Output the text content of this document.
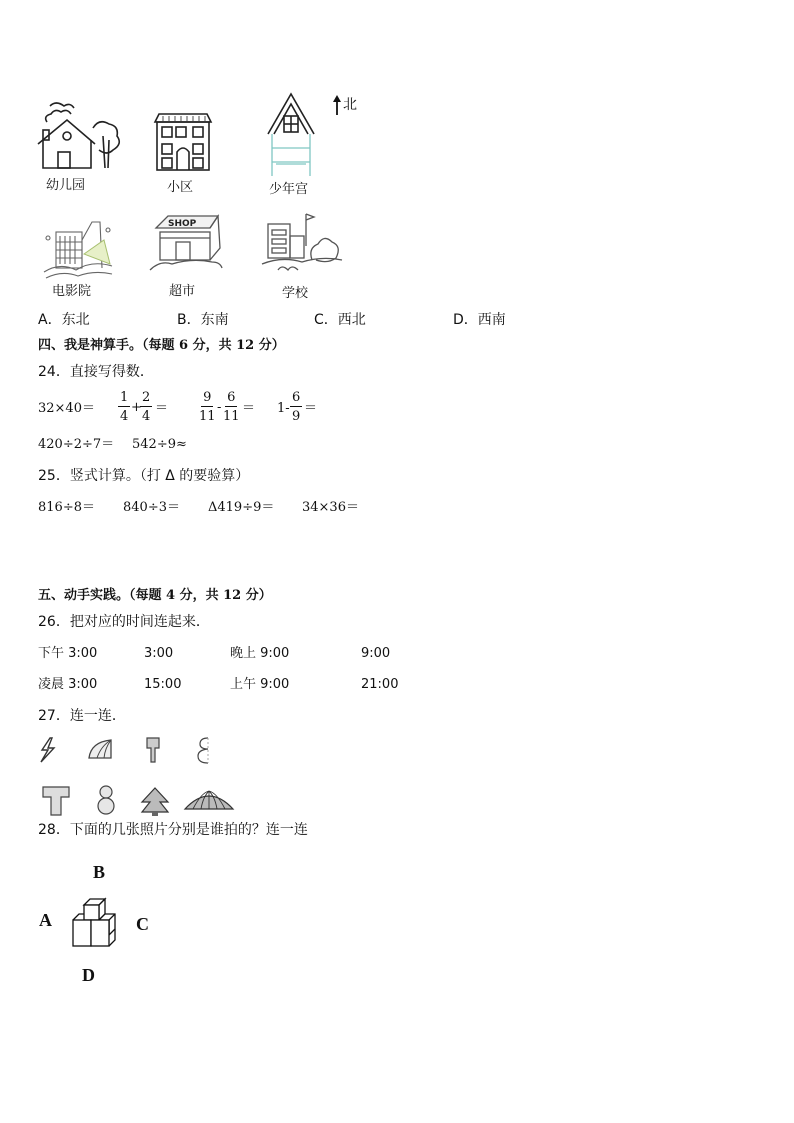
北
幼儿园	小区	少年宫
电影院
SHOP
超市	学校
A．东北	B．东南	C．西北	D．西南
四、我是神算手。（每题 6 分，共 12 分）
24．直接写得数．
$32\times 40= \frac{1}{4}$ +
$\frac{2}{4} = \frac{9}{11} - \frac{6}{11} = 1- \frac{6}{9}$ ＝
420÷2÷7＝ 542÷9≈
25．竖式计算。（打 Δ 的要验算）
816÷8＝ 840÷3＝ Δ419÷9＝ 34×36＝
五、动手实践。（每题 4 分，共 12 分）
26．把对应的时间连起来．
下午 3:00	3:00	晚上 9:00	9:00
凌晨 3:00	15:00	上午 9:00	21:00
27．连一连．
28．下面的几张照片分别是谁拍的？连一连
B
A	C
D
